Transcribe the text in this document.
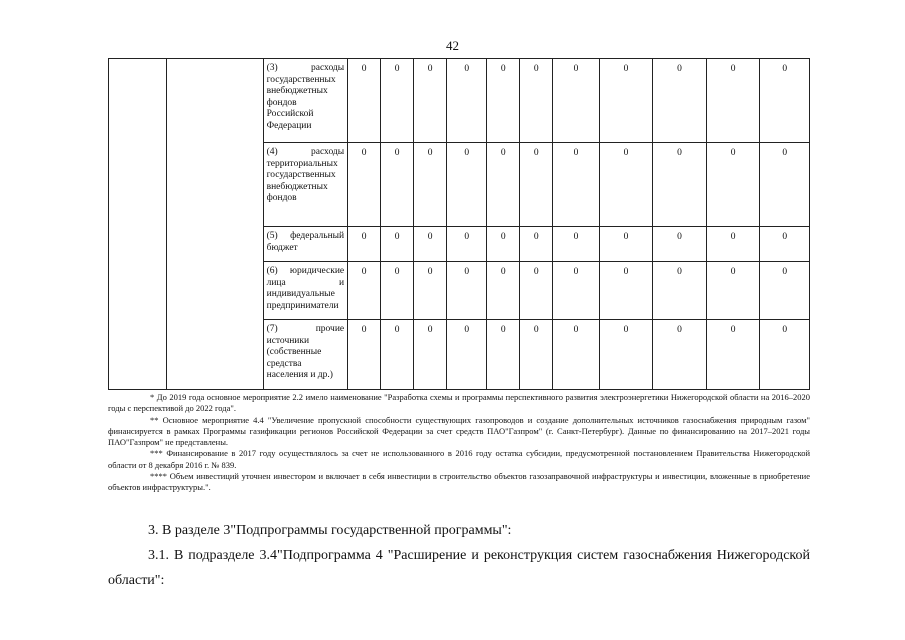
42
		(3) расходы государственных внебюджетных фондов Российской Федерации	0	0	0	0	0	0	0	0	0	0	0
		(4) расходы территориальных государственных внебюджетных фондов	0	0	0	0	0	0	0	0	0	0	0
		(5) федеральный бюджет	0	0	0	0	0	0	0	0	0	0	0
		(6) юридические лица и индивидуальные предприниматели	0	0	0	0	0	0	0	0	0	0	0
		(7) прочие источники (собственные средства населения и др.)	0	0	0	0	0	0	0	0	0	0	0

* До 2019 года основное мероприятие 2.2 имело наименование "Разработка схемы и программы перспективного развития электроэнергетики Нижегородской области на 2016–2020 годы с перспективой до 2022 года".

** Основное мероприятие 4.4 "Увеличение пропускной способности существующих газопроводов и создание дополнительных источников газоснабжения природным газом" финансируется в рамках Программы газификации регионов Российской Федерации за счет средств ПАО"Газпром" (г. Санкт-Петербург). Данные по финансированию на 2017–2021 годы ПАО"Газпром" не представлены.

*** Финансирование в 2017 году осуществлялось за счет не использованного в 2016 году остатка субсидии, предусмотренной постановлением Правительства Нижегородской области от 8 декабря 2016 г. № 839.

**** Объем инвестиций уточнен инвестором и включает в себя инвестиции в строительство объектов газозаправочной инфраструктуры и инвестиции, вложенные в приобретение объектов инфраструктуры.".

3. В разделе 3"Подпрограммы государственной программы":

3.1. В подразделе 3.4"Подпрограмма 4 "Расширение и реконструкция систем газоснабжения Нижегородской области":
